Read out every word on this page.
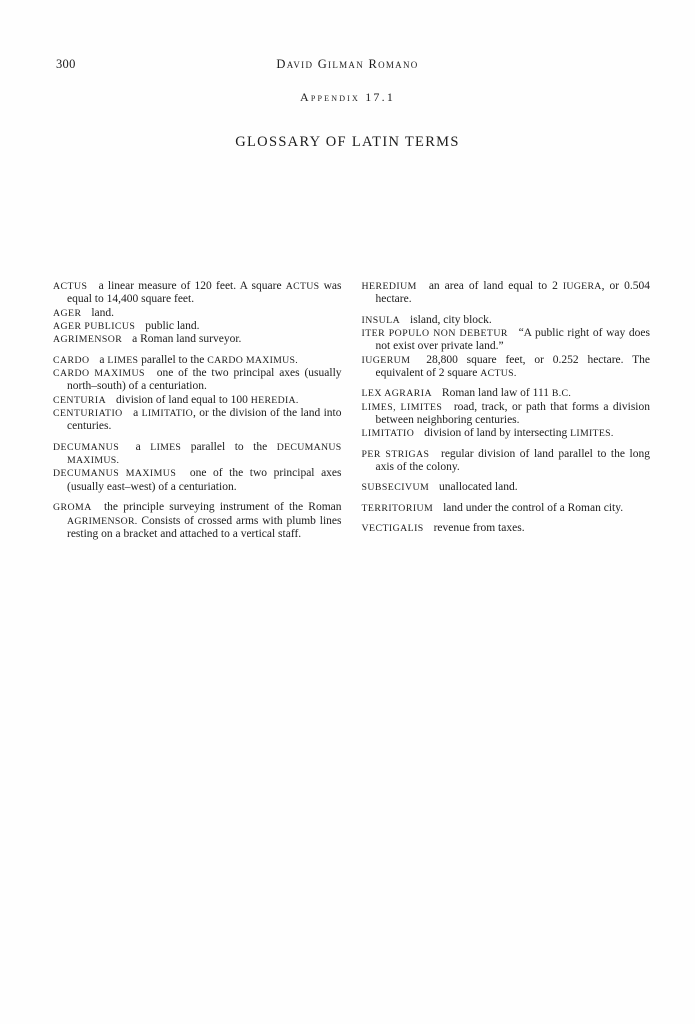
300	David Gilman Romano
Appendix 17.1
GLOSSARY OF LATIN TERMS

ACTUS a linear measure of 120 feet. A square ACTUS was equal to 14,400 square feet.

AGER land.

AGER PUBLICUS public land.

AGRIMENSOR a Roman land surveyor.

CARDO a LIMES parallel to the CARDO MAXIMUS.

CARDO MAXIMUS one of the two principal axes (usually north–south) of a centuriation.

CENTURIA division of land equal to 100 HEREDIA.

CENTURIATIO a LIMITATIO, or the division of the land into centuries.

DECUMANUS a LIMES parallel to the DECUMANUS MAXIMUS.

DECUMANUS MAXIMUS one of the two principal axes (usually east–west) of a centuriation.

GROMA the principle surveying instrument of the Roman AGRIMENSOR. Consists of crossed arms with plumb lines resting on a bracket and attached to a vertical staff.

HEREDIUM an area of land equal to 2 IUGERA, or 0.504 hectare.

INSULA island, city block.

ITER POPULO NON DEBETUR “A public right of way does not exist over private land.”

IUGERUM 28,800 square feet, or 0.252 hectare. The equivalent of 2 square ACTUS.

LEX AGRARIA Roman land law of 111 B.C.

LIMES, LIMITES road, track, or path that forms a division between neighboring centuries.

LIMITATIO division of land by intersecting LIMITES.

PER STRIGAS regular division of land parallel to the long axis of the colony.

SUBSECIVUM unallocated land.

TERRITORIUM land under the control of a Roman city.

VECTIGALIS revenue from taxes.
